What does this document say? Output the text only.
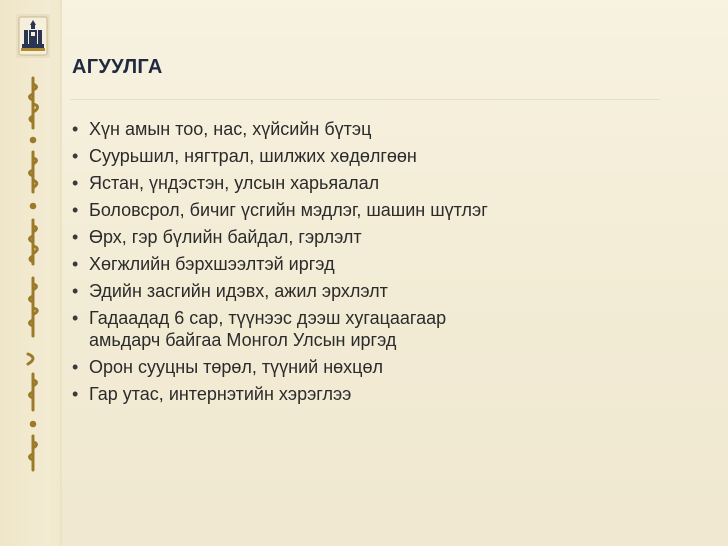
АГУУЛГА
• Хүн амын тоо, нас, хүйсийн бүтэц
• Суурьшил, нягтрал, шилжих хөдөлгөөн
• Ястан, үндэстэн, улсын харьяалал
• Боловсрол, бичиг үсгийн мэдлэг, шашин шүтлэг
• Өрх, гэр бүлийн байдал, гэрлэлт
• Хөгжлийн бэрхшээлтэй иргэд
• Эдийн засгийн идэвх, ажил эрхлэлт
• Гадаадад 6 сар, түүнээс дээш хугацаагаар
амьдарч байгаа Монгол Улсын иргэд
• Орон сууцны төрөл, түүний нөхцөл
• Гар утас, интернэтийн хэрэглээ
